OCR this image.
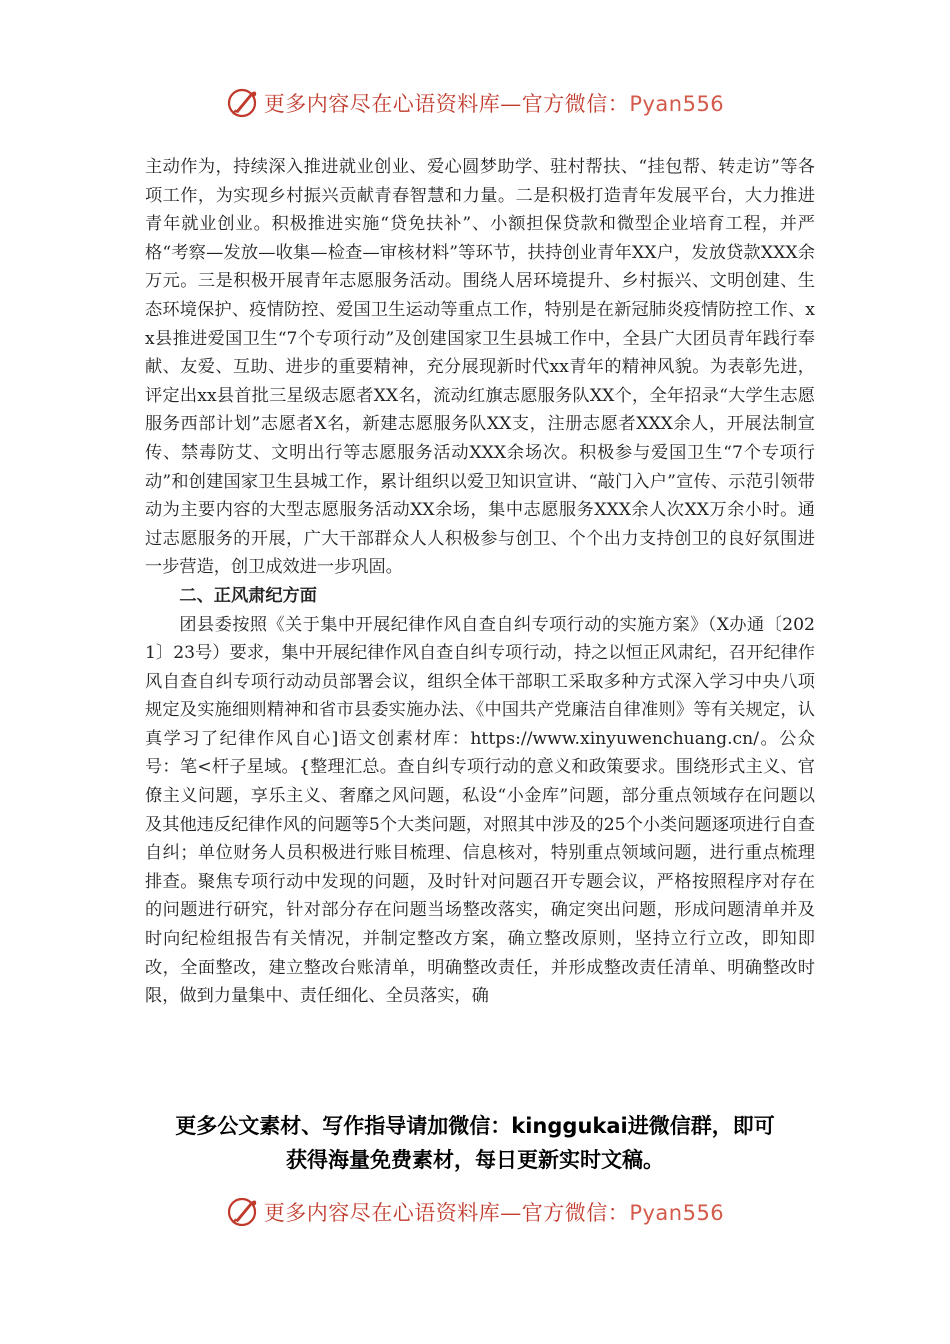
更多内容尽在心语资料库—官方微信：Pyan556

主动作为，持续深入推进就业创业、爱心圆梦助学、驻村帮扶、“挂包帮、转走访”等各项工作，为实现乡村振兴贡献青春智慧和力量。二是积极打造青年发展平台，大力推进青年就业创业。积极推进实施“贷免扶补”、小额担保贷款和微型企业培育工程，并严格“考察—发放—收集—检查—审核材料”等环节，扶持创业青年XX户，发放贷款XXX余万元。三是积极开展青年志愿服务活动。围绕人居环境提升、乡村振兴、文明创建、生态环境保护、疫情防控、爱国卫生运动等重点工作，特别是在新冠肺炎疫情防控工作、xx县推进爱国卫生“7个专项行动”及创建国家卫生县城工作中，全县广大团员青年践行奉献、友爱、互助、进步的重要精神，充分展现新时代xx青年的精神风貌。为表彰先进，评定出xx县首批三星级志愿者XX名，流动红旗志愿服务队XX个，全年招录“大学生志愿服务西部计划”志愿者X名，新建志愿服务队XX支，注册志愿者XXX余人，开展法制宣传、禁毒防艾、文明出行等志愿服务活动XXX余场次。积极参与爱国卫生“7个专项行动”和创建国家卫生县城工作，累计组织以爱卫知识宣讲、“敲门入户”宣传、示范引领带动为主要内容的大型志愿服务活动XX余场，集中志愿服务XXX余人次XX万余小时。通过志愿服务的开展，广大干部群众人人积极参与创卫、个个出力支持创卫的良好氛围进一步营造，创卫成效进一步巩固。

二、正风肃纪方面

团县委按照《关于集中开展纪律作风自查自纠专项行动的实施方案》（X办通〔2021〕23号）要求，集中开展纪律作风自查自纠专项行动，持之以恒正风肃纪，召开纪律作风自查自纠专项行动动员部署会议，组织全体干部职工采取多种方式深入学习中央八项规定及实施细则精神和省市县委实施办法、《中国共产党廉洁自律准则》等有关规定，认真学习了纪律作风自心]语文创素材库：https://www.xinyuwenchuang.cn/。公众号：笔<杆子星域。{整理汇总。查自纠专项行动的意义和政策要求。围绕形式主义、官僚主义问题，享乐主义、奢靡之风问题，私设“小金库”问题，部分重点领域存在问题以及其他违反纪律作风的问题等5个大类问题，对照其中涉及的25个小类问题逐项进行自查自纠；单位财务人员积极进行账目梳理、信息核对，特别重点领域问题，进行重点梳理排查。聚焦专项行动中发现的问题，及时针对问题召开专题会议，严格按照程序对存在的问题进行研究，针对部分存在问题当场整改落实，确定突出问题，形成问题清单并及时向纪检组报告有关情况，并制定整改方案，确立整改原则，坚持立行立改，即知即改，全面整改，建立整改台账清单，明确整改责任，并形成整改责任清单、明确整改时限，做到力量集中、责任细化、全员落实，确

更多公文素材、写作指导请加微信：kinggukai进微信群，即可
获得海量免费素材，每日更新实时文稿。
更多内容尽在心语资料库—官方微信：Pyan556
